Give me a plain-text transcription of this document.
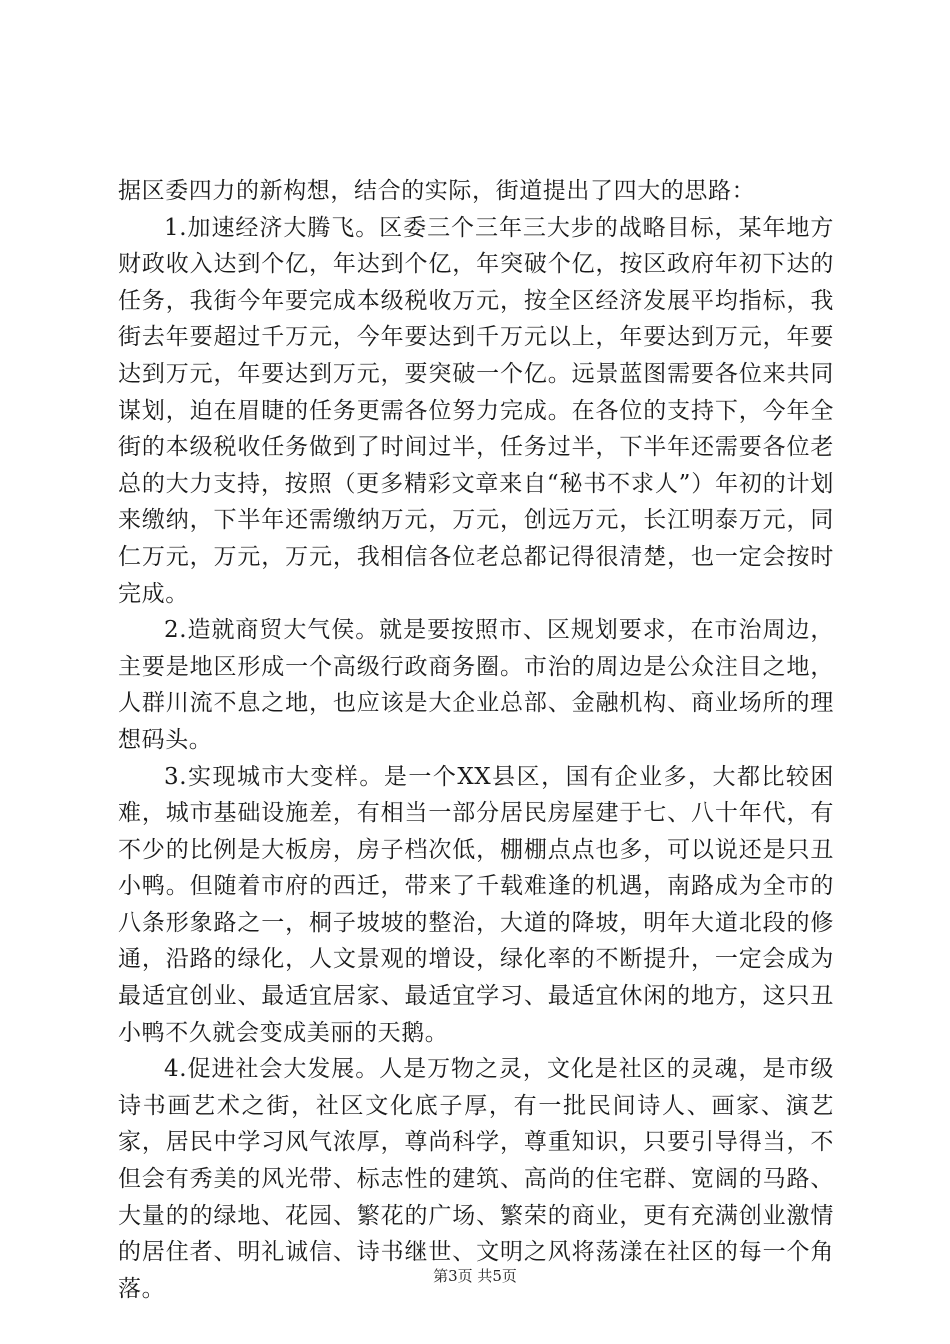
据区委四力的新构想，结合的实际，街道提出了四大的思路：

1.加速经济大腾飞。区委三个三年三大步的战略目标，某年地方财政收入达到个亿，年达到个亿，年突破个亿，按区政府年初下达的任务，我街今年要完成本级税收万元，按全区经济发展平均指标，我街去年要超过千万元，今年要达到千万元以上，年要达到万元，年要达到万元，年要达到万元，要突破一个亿。远景蓝图需要各位来共同谋划，迫在眉睫的任务更需各位努力完成。在各位的支持下，今年全街的本级税收任务做到了时间过半，任务过半，下半年还需要各位老总的大力支持，按照（更多精彩文章来自“秘书不求人”）年初的计划来缴纳，下半年还需缴纳万元，万元，创远万元，长江明泰万元，同仁万元，万元，万元，我相信各位老总都记得很清楚，也一定会按时完成。

2.造就商贸大气侯。就是要按照市、区规划要求，在市治周边，主要是地区形成一个高级行政商务圈。市治的周边是公众注目之地，人群川流不息之地，也应该是大企业总部、金融机构、商业场所的理想码头。

3.实现城市大变样。是一个XX县区，国有企业多，大都比较困难，城市基础设施差，有相当一部分居民房屋建于七、八十年代，有不少的比例是大板房，房子档次低，棚棚点点也多，可以说还是只丑小鸭。但随着市府的西迁，带来了千载难逢的机遇，南路成为全市的八条形象路之一，桐子坡坡的整治，大道的降坡，明年大道北段的修通，沿路的绿化，人文景观的增设，绿化率的不断提升，一定会成为最适宜创业、最适宜居家、最适宜学习、最适宜休闲的地方，这只丑小鸭不久就会变成美丽的天鹅。

4.促进社会大发展。人是万物之灵，文化是社区的灵魂，是市级诗书画艺术之街，社区文化底子厚，有一批民间诗人、画家、演艺家，居民中学习风气浓厚，尊尚科学，尊重知识，只要引导得当，不但会有秀美的风光带、标志性的建筑、高尚的住宅群、宽阔的马路、大量的的绿地、花园、繁花的广场、繁荣的商业，更有充满创业激情的居住者、明礼诚信、诗书继世、文明之风将荡漾在社区的每一个角落。	第3页 共5页
